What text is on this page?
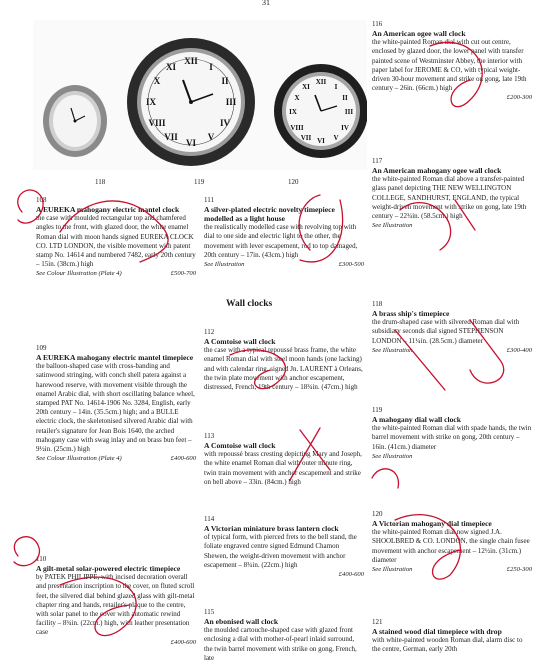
31
XII
I
II
III
IV
V
VI
VII
VIII
IX
X
XI
XII
III
VI
IX
I
II
IV
V
VII
VIII
X
XI
118	119	120
Wall clocks
108
A EUREKA mahogany electric mantel clock
the case with moulded rectangular top and chamfered angles to the front, with glazed door, the white enamel Roman dial with moon hands signed EUREKA CLOCK CO. LTD LONDON, the visible movement with patent stamp No. 14614 and numbered 7482, early 20th century – 15in. (38cm.) high
See Colour Illustration (Plate 4)	£500-700
109
A EUREKA mahogany electric mantel timepiece
the balloon-shaped case with cross-banding and satinwood stringing, with conch shell patera against a harewood reserve, with movement visible through the enamel Arabic dial, with short oscillating balance wheel, stamped PAT No. 14614-1906 No. 3284, English, early 20th century – 14in. (35.5cm.) high; and a BULLE electric clock, the skeletonised silvered Arabic dial with retailer's signature for Jean Bois 1640, the arched mahogany case with swag inlay and on brass bun feet – 9½in. (25cm.) high
See Colour Illustration (Plate 4)	£400-600
110
A gilt-metal solar-powered electric timepiece
by PATEK PHILIPPE, with incised decoration overall and presentation inscription to the cover, on fluted scroll feet, the silvered dial behind glazed glass with gilt-metal chapter ring and hands, retailer's plaque to the centre, with solar panel to the cover with automatic rewind facility – 8¾in. (22cm.) high, with leather presentation case
£400-600
111
A silver-plated electric novelty timepiece modelled as a light house
the realistically modelled case with revolving top with dial to one side and electric light to the other, the movement with lever escapement, rod to top damaged, 20th century – 17in. (43cm.) high
See Illustration	£300-500
112
A Comtoise wall clock
the case with a typical repoussé brass frame, the white enamel Roman dial with steel moon hands (one lacking) and with calendar ring, signed Jn. LAURENT à Orleans, the twin plate movement with anchor escapement, distressed, French, 19th century – 18¾in. (47cm.) high
113
A Comtoise wall clock
with repoussé brass cresting depicting Mary and Joseph, the white enamel Roman dial with outer minute ring, twin train movement with anchor escapement and strike on bell above – 33in. (84cm.) high
114
A Victorian miniature brass lantern clock
of typical form, with pierced frets to the bell stand, the foliate engraved centre signed Edmund Chamon Shewen, the weight-driven movement with anchor escapement – 8¾in. (22cm.) high
£400-600
115
An ebonised wall clock
the moulded cartouche-shaped case with glazed front enclosing a dial with mother-of-pearl inlaid surround, the twin barrel movement with strike on gong, French, late
116
An American ogee wall clock
the white-painted Roman dial with cut out centre, enclosed by glazed door, the lower panel with transfer painted scene of Westminster Abbey, the interior with paper label for JEROME & CO, with typical weight-driven 30-hour movement and strike on gong, late 19th century – 26in. (66cm.) high
£200-300
117
An American mahogany ogee wall clock
the white-painted Roman dial above a transfer-painted glass panel depicting THE NEW WELLINGTON COLLEGE, SANDHURST, ENGLAND, the typical weight-driven movement with strike on gong, late 19th century – 22¾in. (58.5cm.) high
See Illustration
118
A brass ship's timepiece
the drum-shaped case with silvered Roman dial with subsidiary seconds dial signed STEPHENSON LONDON – 11¼in. (28.5cm.) diameter
See Illustration	£300-400
119
A mahogany dial wall clock
the white-painted Roman dial with spade hands, the twin barrel movement with strike on gong, 20th century – 16in. (41cm.) diameter
See Illustration
120
A Victorian mahogany dial timepiece
the white-painted Roman dial now signed J.A. SHOOLBRED & CO. LONDON, the single chain fusee movement with anchor escapement – 12½in. (31cm.) diameter
See Illustration	£250-300
121
A stained wood dial timepiece with drop
with white-painted wooden Roman dial, alarm disc to the centre, German, early 20th
